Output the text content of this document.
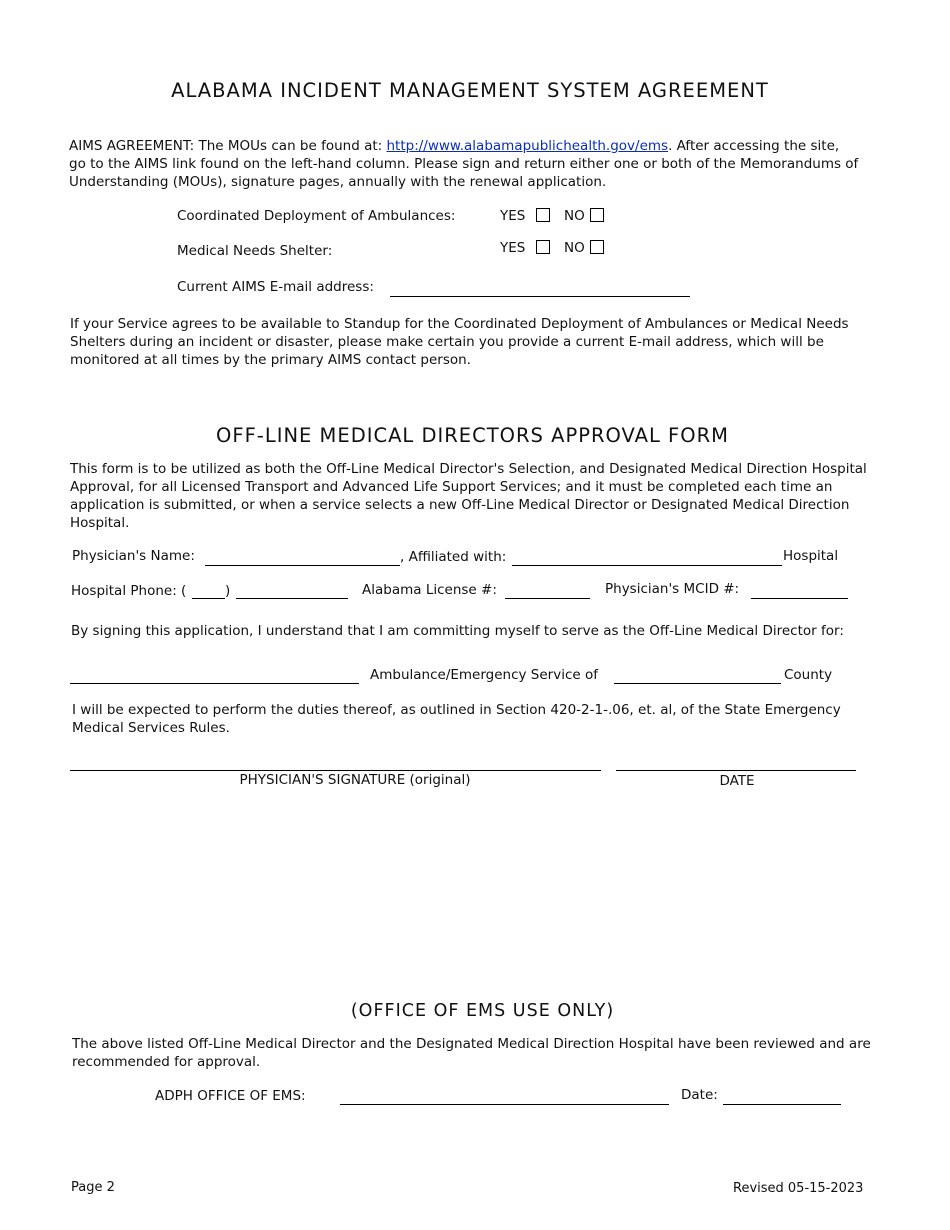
ALABAMA INCIDENT MANAGEMENT SYSTEM AGREEMENT
AIMS AGREEMENT: The MOUs can be found at: http://www.alabamapublichealth.gov/ems. After accessing the site, go to the AIMS link found on the left-hand column. Please sign and return either one or both of the Memorandums of Understanding (MOUs), signature pages, annually with the renewal application.
Coordinated Deployment of Ambulances:	YES	NO
Medical Needs Shelter:	YES	NO
Current AIMS E-mail address:
If your Service agrees to be available to Standup for the Coordinated Deployment of Ambulances or Medical Needs Shelters during an incident or disaster, please make certain you provide a current E-mail address, which will be monitored at all times by the primary AIMS contact person.
OFF-LINE MEDICAL DIRECTORS APPROVAL FORM
This form is to be utilized as both the Off-Line Medical Director's Selection, and Designated Medical Direction Hospital Approval, for all Licensed Transport and Advanced Life Support Services; and it must be completed each time an application is submitted, or when a service selects a new Off-Line Medical Director or Designated Medical Direction Hospital.
Physician's Name:	, Affiliated with:	Hospital
Hospital Phone: (	)	Alabama License #:	Physician's MCID #:
By signing this application, I understand that I am committing myself to serve as the Off-Line Medical Director for:
Ambulance/Emergency Service of	County
I will be expected to perform the duties thereof, as outlined in Section 420-2-1-.06, et. al, of the State Emergency Medical Services Rules.
PHYSICIAN'S SIGNATURE (original)	DATE
(OFFICE OF EMS USE ONLY)
The above listed Off-Line Medical Director and the Designated Medical Direction Hospital have been reviewed and are recommended for approval.
ADPH OFFICE OF EMS:	Date:
Page 2	Revised 05-15-2023
